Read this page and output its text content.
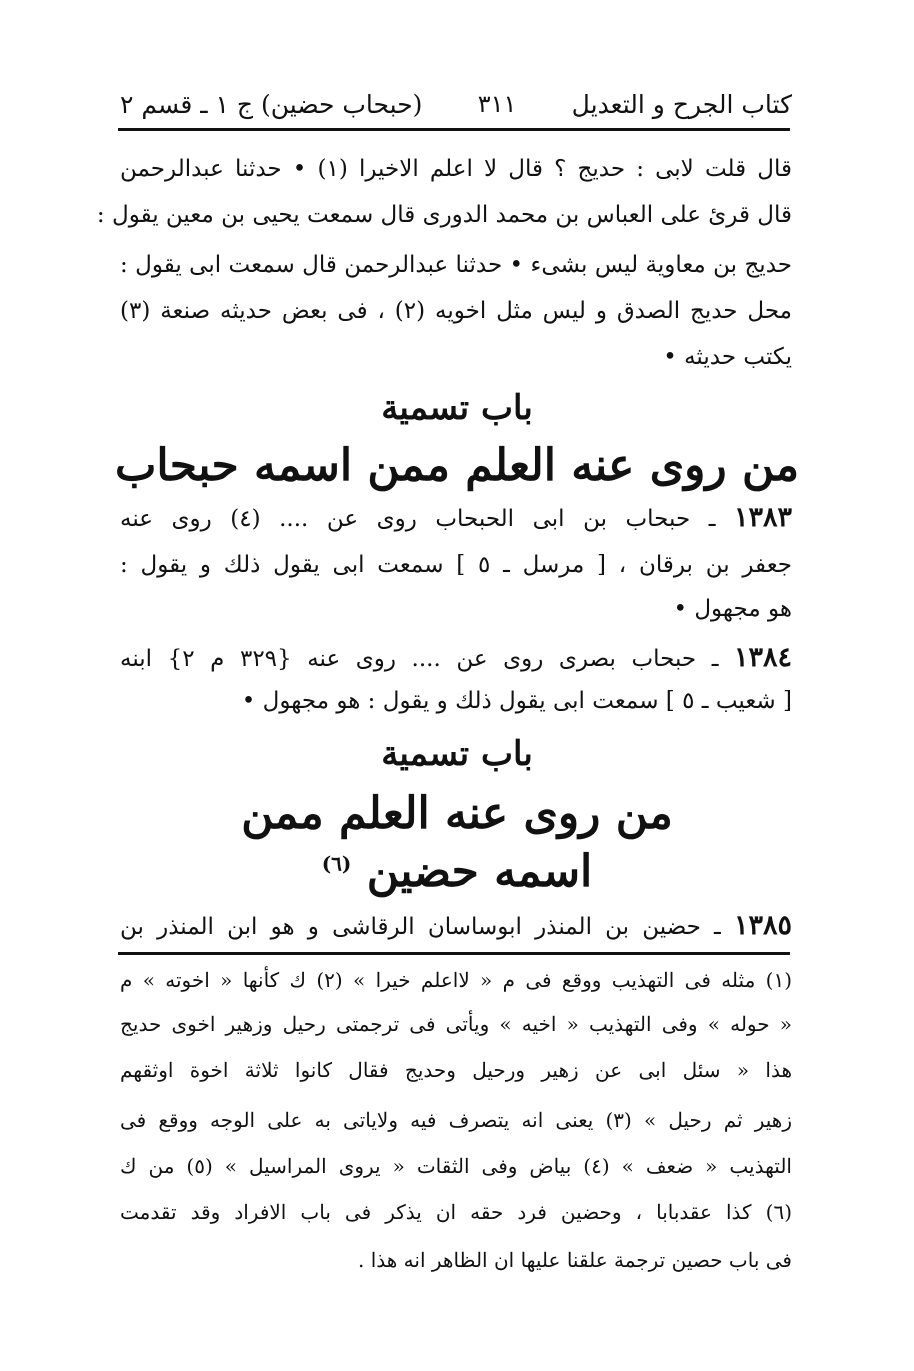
كتاب الجرح و التعديل
٣١١
(حبحاب حضين) ج ١ ـ قسم ٢
قال قلت لابى : حديج ؟ قال لا اعلم الاخيرا (١) • حدثنا عبدالرحمن
قال قرئ على العباس بن محمد الدورى قال سمعت يحيى بن معين يقول :
حديج بن معاوية ليس بشىء • حدثنا عبدالرحمن قال سمعت ابى يقول :
محل حديج الصدق و ليس مثل اخويه (٢) ، فى بعض حديثه صنعة (٣)
يكتب حديثه •
باب تسمية
من روى عنه العلم ممن اسمه حبحاب
١٣٨٣ ـ حبحاب بن ابى الحبحاب روى عن .... (٤) روى عنه
جعفر بن برقان ، [ مرسل ـ ٥ ] سمعت ابى يقول ذلك و يقول :
هو مجهول •
١٣٨٤ ـ حبحاب بصرى روى عن .... روى عنه {٣٢٩ م ٢} ابنه
[ شعيب ـ ٥ ] سمعت ابى يقول ذلك و يقول : هو مجهول •
باب تسمية
من روى عنه العلم ممن
اسمه حضين $^{(٦)}$
١٣٨٥ ـ حضين بن المنذر ابوساسان الرقاشى و هو ابن المنذر بن
(١) مثله فى التهذيب ووقع فى م « لااعلم خيرا » (٢) ك كأنها « اخوته » م
« حوله » وفى التهذيب « اخيه » ويأتى فى ترجمتى رحيل وزهير اخوى حديج
هذا « سئل ابى عن زهير ورحيل وحديج فقال كانوا ثلاثة اخوة اوثقهم
زهير ثم رحيل » (٣) يعنى انه يتصرف فيه ولاياتى به على الوجه ووقع فى
التهذيب « ضعف » (٤) بياض وفى الثقات « يروى المراسيل » (٥) من ك
(٦) كذا عقدبابا ، وحضين فرد حقه ان يذكر فى باب الافراد وقد تقدمت
فى باب حصين ترجمة علقنا عليها ان الظاهر انه هذا .
